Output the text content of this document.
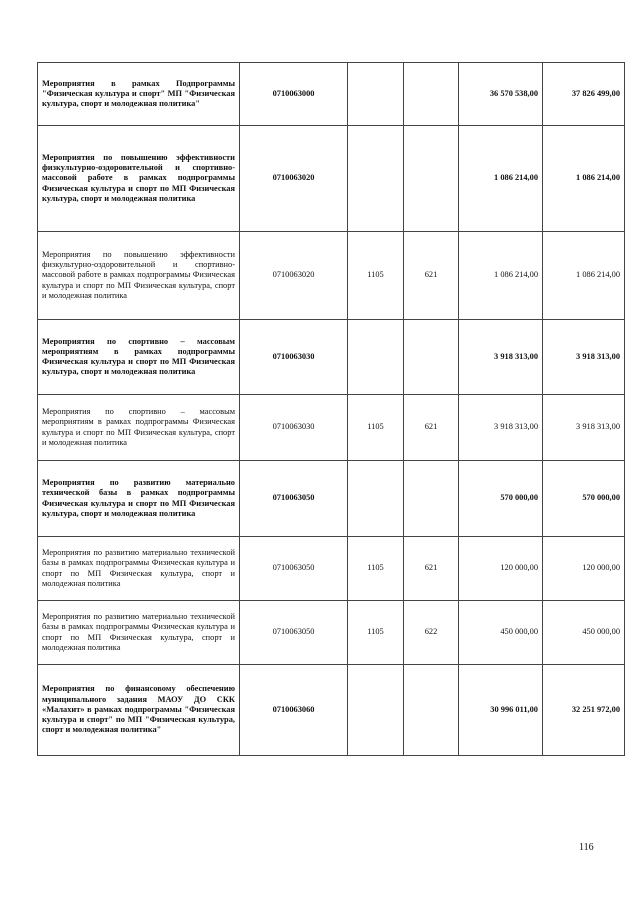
Мероприятия в рамках Подпрограммы "Физическая культура и спорт" МП "Физическая культура, спорт и молодежная политика"	0710063000			36 570 538,00	37 826 499,00
Мероприятия по повышению эффективности физкультурно-оздоровительной и спортивно-массовой работе в рамках подпрограммы Физическая культура и спорт по МП Физическая культура, спорт и молодежная политика	0710063020			1 086 214,00	1 086 214,00
Мероприятия по повышению эффективности физкультурно-оздоровительной и спортивно-массовой работе в рамках подпрограммы Физическая культура и спорт по МП Физическая культура, спорт и молодежная политика	0710063020	1105	621	1 086 214,00	1 086 214,00
Мероприятия по спортивно – массовым мероприятиям в рамках подпрограммы Физическая культура и спорт по МП Физическая культура, спорт и молодежная политика	0710063030			3 918 313,00	3 918 313,00
Мероприятия по спортивно – массовым мероприятиям в рамках подпрограммы Физическая культура и спорт по МП Физическая культура, спорт и молодежная политика	0710063030	1105	621	3 918 313,00	3 918 313,00
Мероприятия по развитию материально технической базы в рамках подпрограммы Физическая культура и спорт по МП Физическая культура, спорт и молодежная политика	0710063050			570 000,00	570 000,00
Мероприятия по развитию материально технической базы в рамках подпрограммы Физическая культура и спорт по МП Физическая культура, спорт и молодежная политика	0710063050	1105	621	120 000,00	120 000,00
Мероприятия по развитию материально технической базы в рамках подпрограммы Физическая культура и спорт по МП Физическая культура, спорт и молодежная политика	0710063050	1105	622	450 000,00	450 000,00
Мероприятия по финансовому обеспечению муниципального задания МАОУ ДО СКК «Малахит» в рамках подпрограммы "Физическая культура и спорт" по МП "Физическая культура, спорт и молодежная политика"	0710063060			30 996 011,00	32 251 972,00
116
